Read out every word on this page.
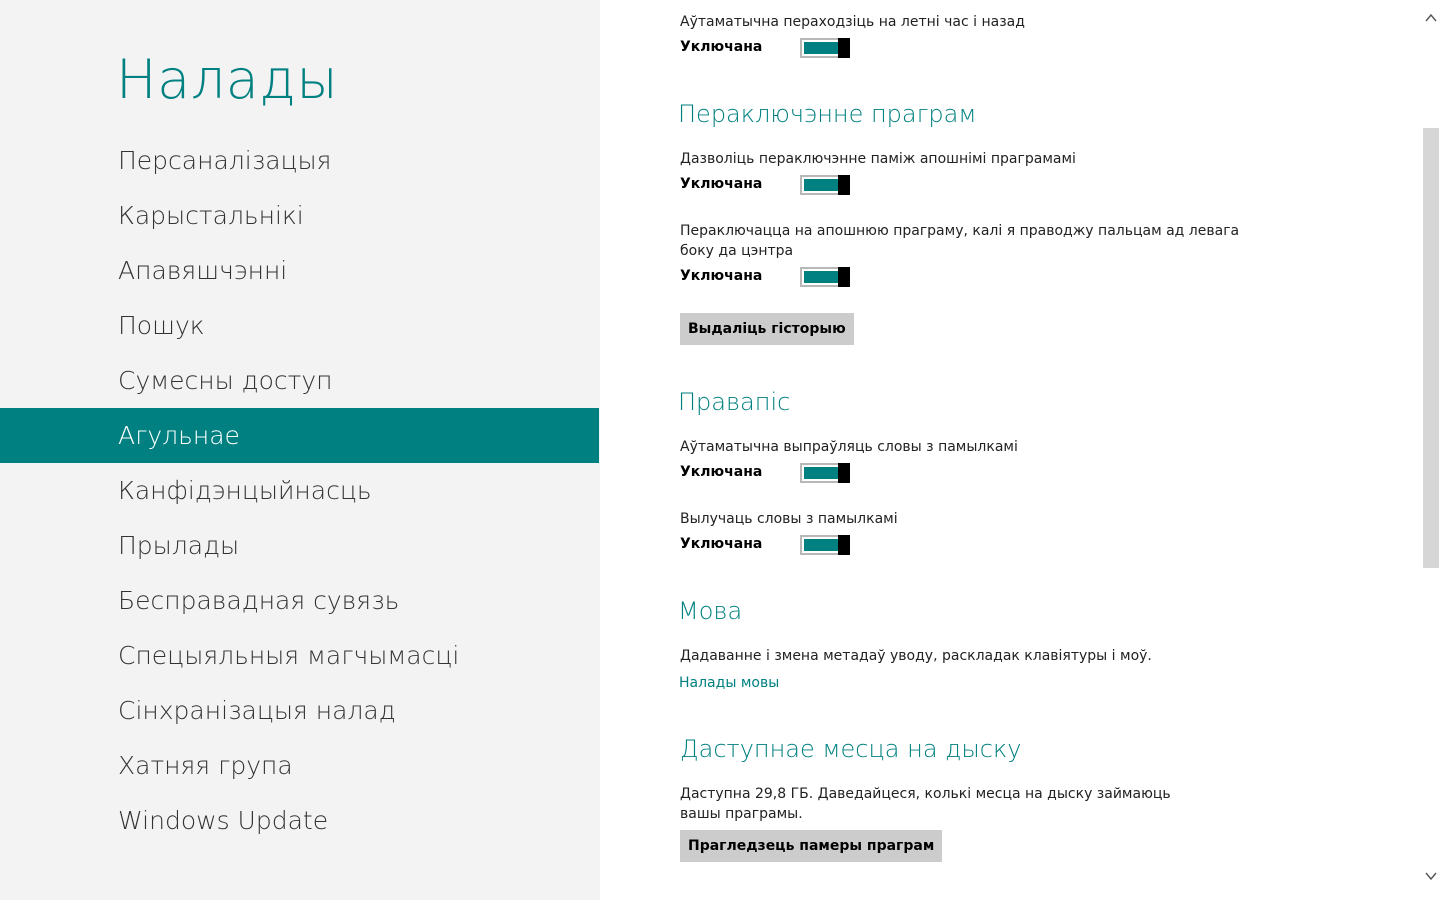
Налады
Персаналізацыя
Карыстальнікі
Апавяшчэнні
Пошук
Сумесны доступ
Агульнае
Канфідэнцыйнасць
Прылады
Бесправадная сувязь
Спецыяльныя магчымасці
Сінхранізацыя налад
Хатняя група
Windows Update
Аўтаматычна пераходзіць на летні час і назад
Уключана
Пераключэнне праграм
Дазволіць пераключэнне паміж апошнімі праграмамі
Уключана
Пераключацца на апошнюю праграму, калі я праводжу пальцам ад левага боку да цэнтра
Уключана
Выдаліць гісторыю
Правапіс
Аўтаматычна выпраўляць словы з памылкамі
Уключана
Вылучаць словы з памылкамі
Уключана
Мова
Дадаванне і змена метадаў уводу, раскладак клавіятуры і моў.
Налады мовы
Даступнае месца на дыску
Даступна 29,8 ГБ. Даведайцеся, колькі месца на дыску займаюць вашы праграмы.
Прагледзець памеры праграм
